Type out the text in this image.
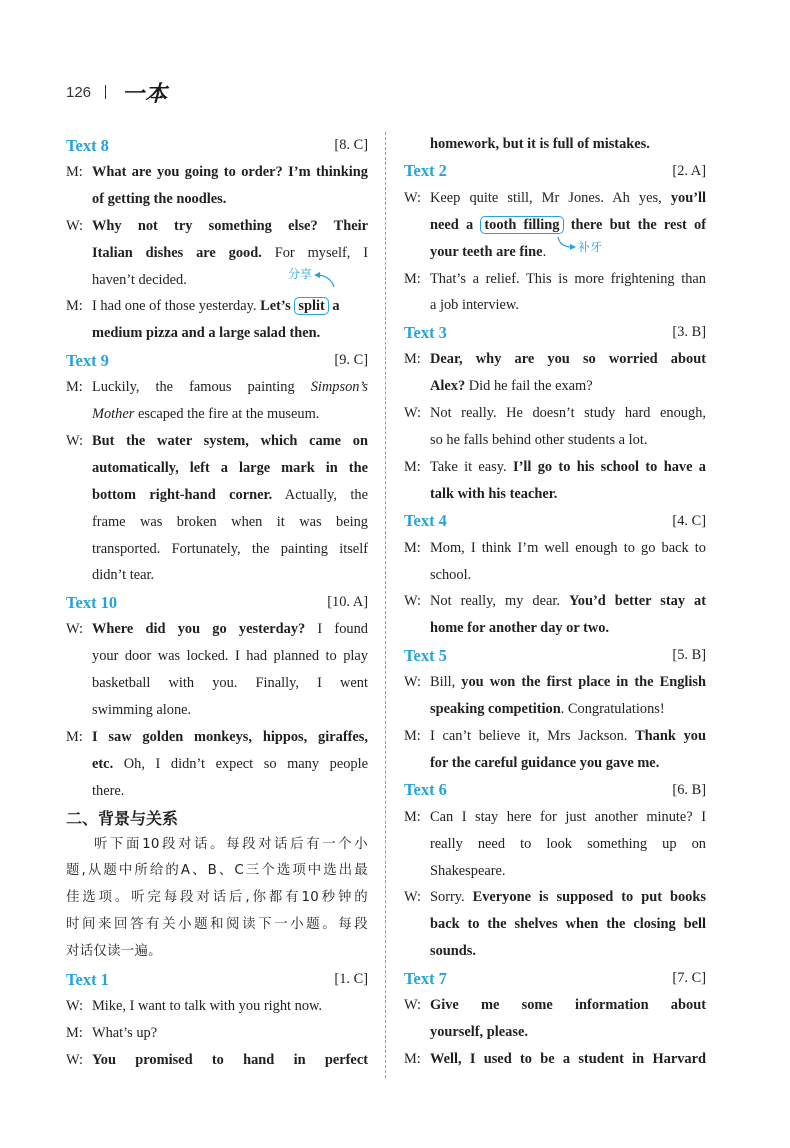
126 一本
Text 8	[8. C]
M: What are you going to order? I’m thinking
of getting the noodles.
W: Why not try something else? Their
Italian dishes are good. For myself, I
haven’t decided.	分享
M: I had one of those yesterday. Let’s split a
medium pizza and a large salad then.
Text 9	[9. C]
M: Luckily, the famous painting Simpson’s
Mother escaped the fire at the museum.
W: But the water system, which came on
automatically, left a large mark in the
bottom right-hand corner. Actually, the
frame was broken when it was being
transported. Fortunately, the painting itself
didn’t tear.
Text 10	[10. A]
W: Where did you go yesterday? I found
your door was locked. I had planned to play
basketball with you. Finally, I went
swimming alone.
M: I saw golden monkeys, hippos, giraffes,
etc. Oh, I didn’t expect so many people
there.
二、背景与关系
听下面10段对话。每段对话后有一个小
题,从题中所给的A、B、C三个选项中选出最
佳选项。听完每段对话后,你都有10秒钟的
时间来回答有关小题和阅读下一小题。每段
对话仅读一遍。
Text 1	[1. C]
W: Mike, I want to talk with you right now.
M: What’s up?
W: You promised to hand in perfect
homework, but it is full of mistakes.
Text 2	[2. A]
W: Keep quite still, Mr Jones. Ah yes, you’ll
need a tooth filling there but the rest of
your teeth are fine.	补牙
M: That’s a relief. This is more frightening than
a job interview.
Text 3	[3. B]
M: Dear, why are you so worried about
Alex? Did he fail the exam?
W: Not really. He doesn’t study hard enough,
so he falls behind other students a lot.
M: Take it easy. I’ll go to his school to have a
talk with his teacher.
Text 4	[4. C]
M: Mom, I think I’m well enough to go back to
school.
W: Not really, my dear. You’d better stay at
home for another day or two.
Text 5	[5. B]
W: Bill, you won the first place in the English
speaking competition. Congratulations!
M: I can’t believe it, Mrs Jackson. Thank you
for the careful guidance you gave me.
Text 6	[6. B]
M: Can I stay here for just another minute? I
really need to look something up on
Shakespeare.
W: Sorry. Everyone is supposed to put books
back to the shelves when the closing bell
sounds.
Text 7	[7. C]
W: Give me some information about
yourself, please.
M: Well, I used to be a student in Harvard
